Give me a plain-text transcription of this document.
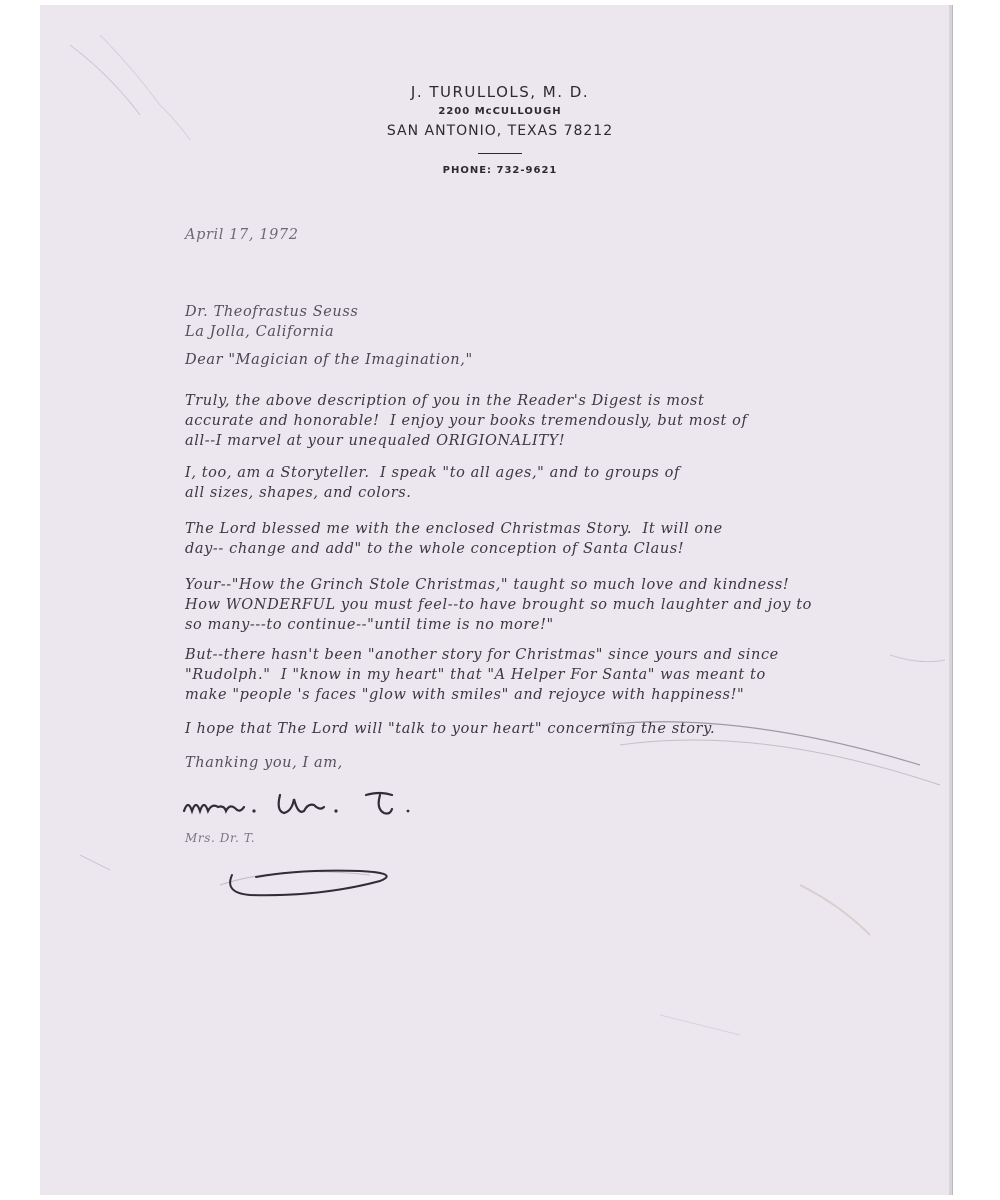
J. TURULLOLS, M. D.
2200 McCULLOUGH
SAN ANTONIO, TEXAS 78212
PHONE: 732-9621
April 17, 1972
Dr. Theofrastus Seuss
La Jolla, California
Dear "Magician of the Imagination,"
Truly, the above description of you in the Reader's Digest is most
accurate and honorable!  I enjoy your books tremendously, but most of
all--I marvel at your unequaled ORIGIONALITY!
I, too, am a Storyteller.  I speak "to all ages," and to groups of
all sizes, shapes, and colors.
The Lord blessed me with the enclosed Christmas Story.  It will one
day-- change and add" to the whole conception of Santa Claus!
Your--"How the Grinch Stole Christmas," taught so much love and kindness!
How WONDERFUL you must feel--to have brought so much laughter and joy to
so many---to continue--"until time is no more!"
But--there hasn't been "another story for Christmas" since yours and since
"Rudolph."  I "know in my heart" that "A Helper For Santa" was meant to
make "people 's faces "glow with smiles" and rejoyce with happiness!"
I hope that The Lord will "talk to your heart" concerning the story.
Thanking you, I am,
Mrs. Dr. T.
